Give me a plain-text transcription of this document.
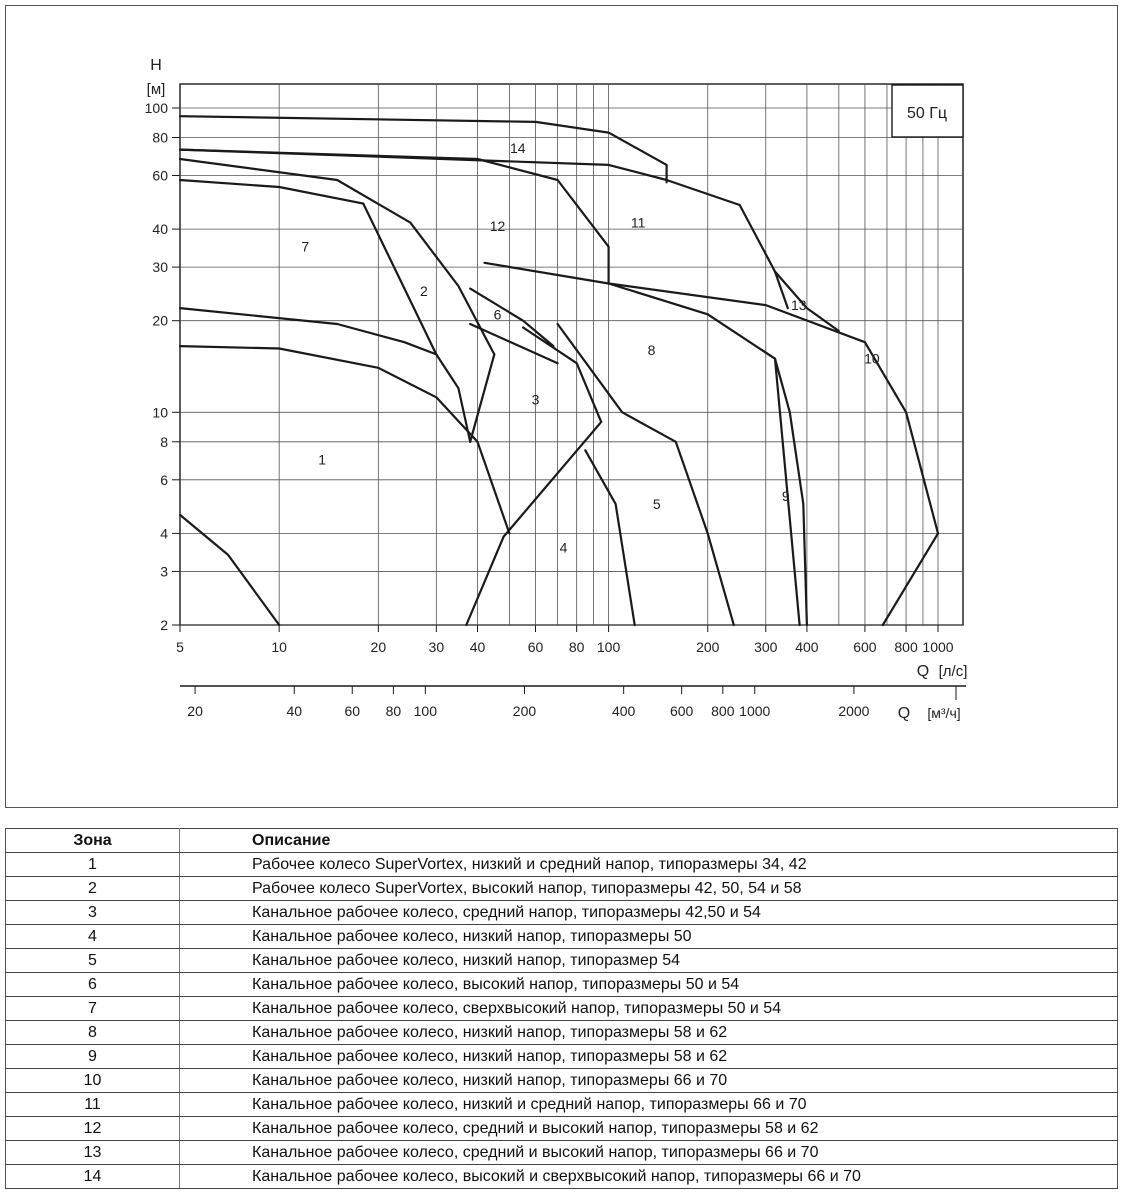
5	10	20	30 40	60 80 100	200 300 400 600 800 1000
2
3
4
6
8
10
20
30
40
60
80
100
H
[м]
Q [л/с]
50 Гц
20	40	60 80 100	200	400 600 800 1000	2000 Q [м³/ч]
1
2
3
4
5
6
7
8
9
10
11
12
13
14
Зона	Описание
1	Рабочее колесо SuperVortex, низкий и средний напор, типоразмеры 34, 42
2	Рабочее колесо SuperVortex, высокий напор, типоразмеры 42, 50, 54 и 58
3	Канальное рабочее колесо, средний напор, типоразмеры 42,50 и 54
4	Канальное рабочее колесо, низкий напор, типоразмеры 50
5	Канальное рабочее колесо, низкий напор, типоразмер 54
6	Канальное рабочее колесо, высокий напор, типоразмеры 50 и 54
7	Канальное рабочее колесо, сверхвысокий напор, типоразмеры 50 и 54
8	Канальное рабочее колесо, низкий напор, типоразмеры 58 и 62
9	Канальное рабочее колесо, низкий напор, типоразмеры 58 и 62
10	Канальное рабочее колесо, низкий напор, типоразмеры 66 и 70
11	Канальное рабочее колесо, низкий и средний напор, типоразмеры 66 и 70
12	Канальное рабочее колесо, средний и высокий напор, типоразмеры 58 и 62
13	Канальное рабочее колесо, средний и высокий напор, типоразмеры 66 и 70
14	Канальное рабочее колесо, высокий и сверхвысокий напор, типоразмеры 66 и 70
